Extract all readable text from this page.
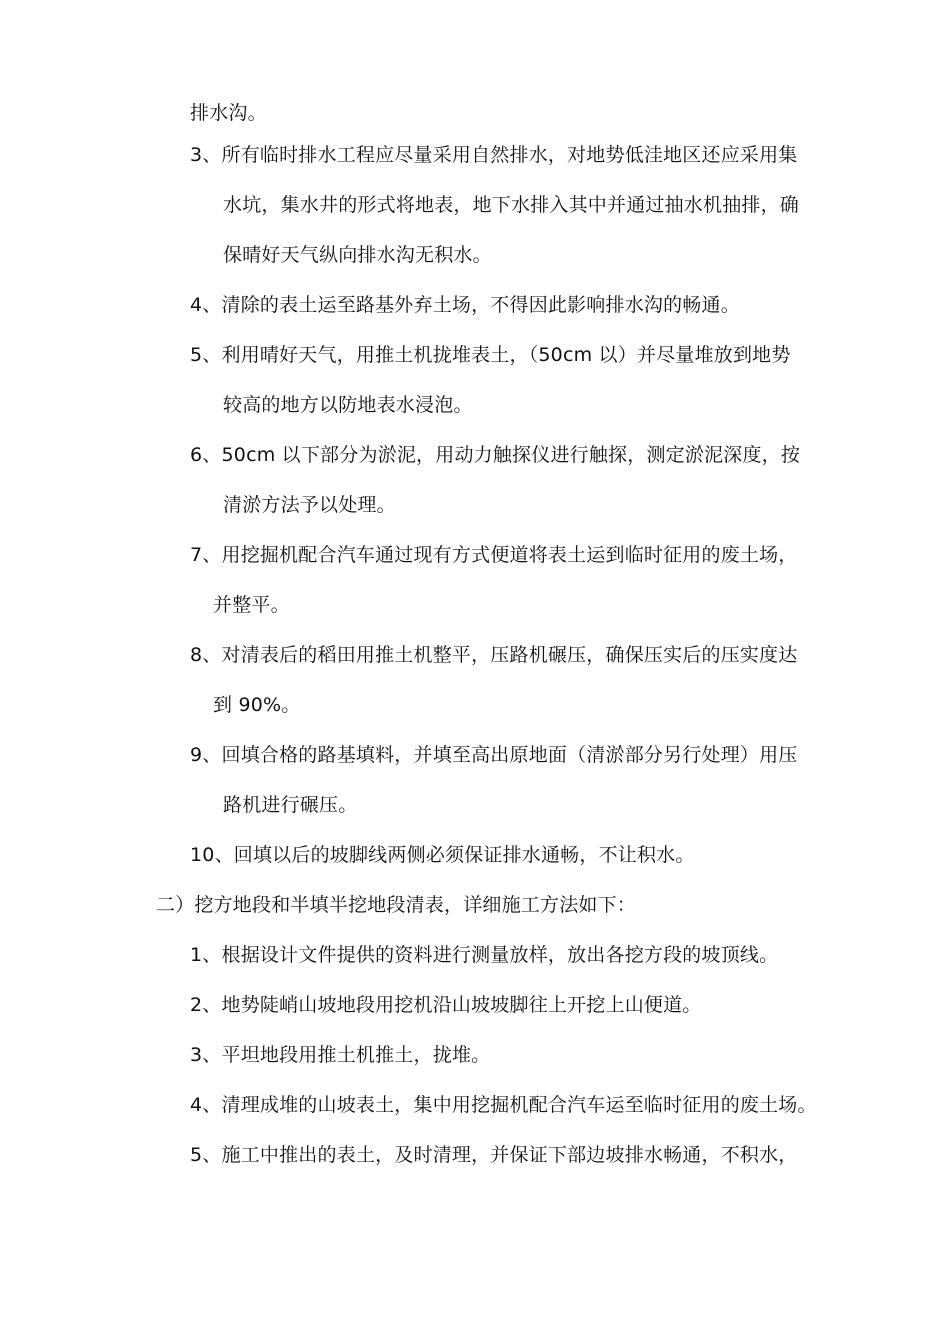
排水沟。
3、所有临时排水工程应尽量采用自然排水，对地势低洼地区还应采用集
水坑，集水井的形式将地表，地下水排入其中并通过抽水机抽排，确
保晴好天气纵向排水沟无积水。
4、清除的表土运至路基外弃土场，不得因此影响排水沟的畅通。
5、利用晴好天气，用推土机拢堆表土，（50cm 以）并尽量堆放到地势
较高的地方以防地表水浸泡。
6、50cm 以下部分为淤泥，用动力触探仪进行触探，测定淤泥深度，按
清淤方法予以处理。
7、用挖掘机配合汽车通过现有方式便道将表土运到临时征用的废土场，
并整平。
8、对清表后的稻田用推土机整平，压路机碾压，确保压实后的压实度达
到 90%。
9、回填合格的路基填料，并填至高出原地面（清淤部分另行处理）用压
路机进行碾压。
10、回填以后的坡脚线两侧必须保证排水通畅，不让积水。
二）挖方地段和半填半挖地段清表，详细施工方法如下：
1、根据设计文件提供的资料进行测量放样，放出各挖方段的坡顶线。
2、地势陡峭山坡地段用挖机沿山坡坡脚往上开挖上山便道。
3、平坦地段用推土机推土，拢堆。
4、清理成堆的山坡表土，集中用挖掘机配合汽车运至临时征用的废土场。
5、施工中推出的表土，及时清理，并保证下部边坡排水畅通，不积水，
